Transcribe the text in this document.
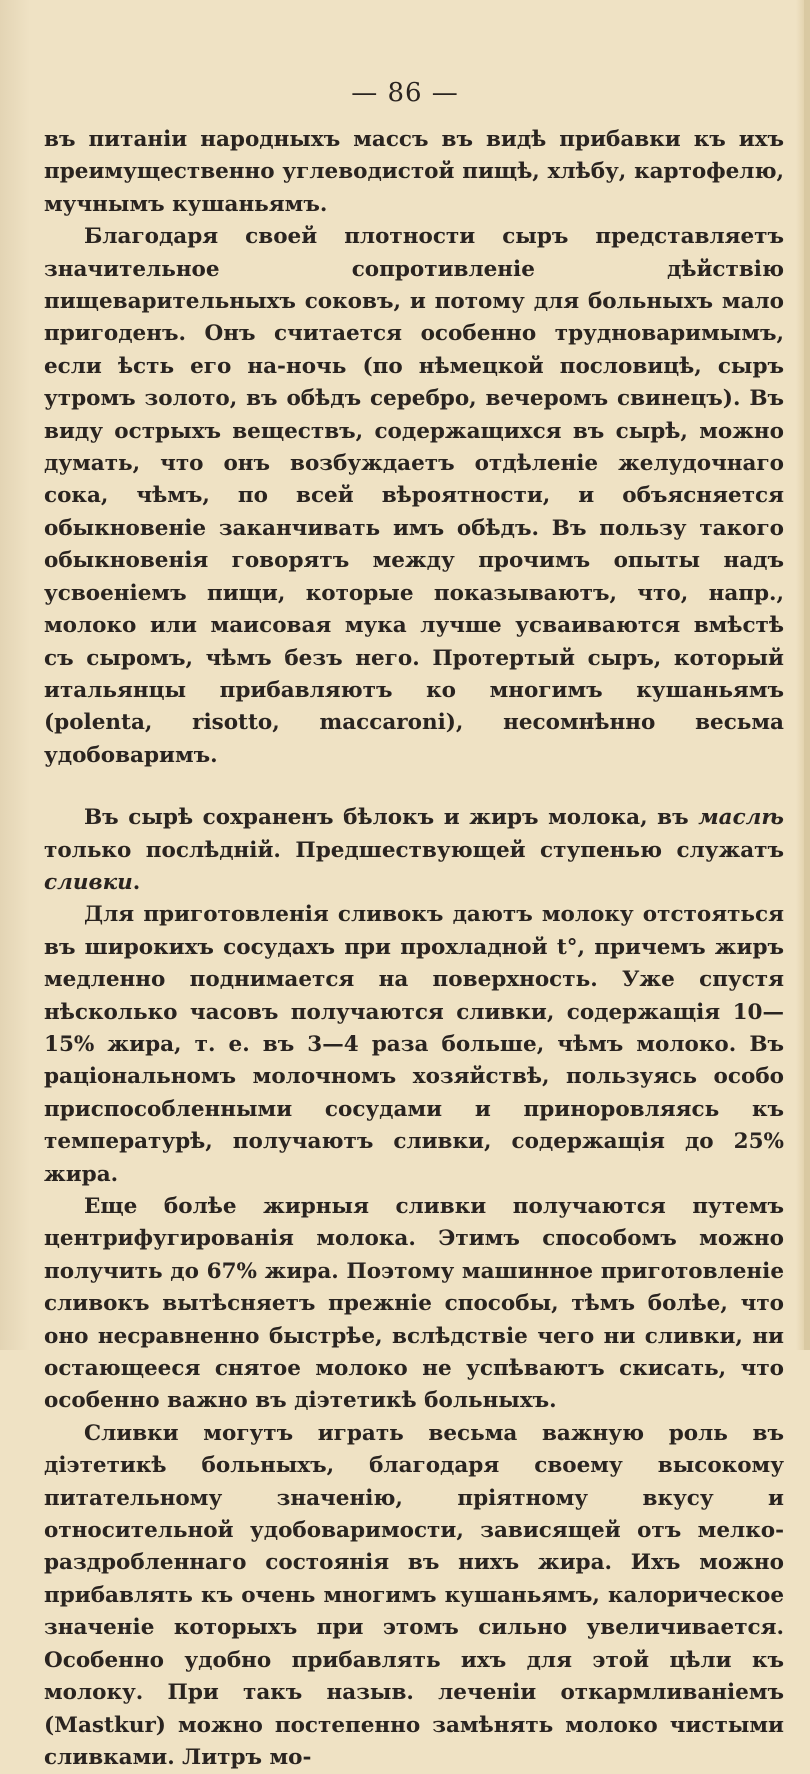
— 86 —

въ питаніи народныхъ массъ въ видѣ прибавки къ ихъ преимущественно углеводистой пищѣ, хлѣбу, картофелю, мучнымъ кушаньямъ.

Благодаря своей плотности сыръ представляетъ значительное сопротивленіе дѣйствію пищеварительныхъ соковъ, и потому для больныхъ мало пригоденъ. Онъ считается особенно трудноваримымъ, если ѣсть его на-ночь (по нѣмецкой пословицѣ, сыръ утромъ золото, въ обѣдъ серебро, вечеромъ свинецъ). Въ виду острыхъ веществъ, содержащихся въ сырѣ, можно думать, что онъ возбуждаетъ отдѣленіе желудочнаго сока, чѣмъ, по всей вѣроятности, и объясняется обыкновеніе заканчивать имъ обѣдъ. Въ пользу такого обыкновенія говорятъ между прочимъ опыты надъ усвоеніемъ пищи, которые показываютъ, что, напр., молоко или маисовая мука лучше усваиваются вмѣстѣ съ сыромъ, чѣмъ безъ него. Протертый сыръ, который итальянцы прибавляютъ ко многимъ кушаньямъ (polenta, risotto, maccaroni), несомнѣнно весьма удобоваримъ.

Въ сырѣ сохраненъ бѣлокъ и жиръ молока, въ маслѣ только послѣдній. Предшествующей ступенью служатъ сливки.

Для приготовленія сливокъ даютъ молоку отстояться въ широкихъ сосудахъ при прохладной t°, причемъ жиръ медленно поднимается на поверхность. Уже спустя нѣсколько часовъ получаются сливки, содержащія 10—15% жира, т. е. въ 3—4 раза больше, чѣмъ молоко. Въ раціональномъ молочномъ хозяйствѣ, пользуясь особо приспособленными сосудами и приноровляясь къ температурѣ, получаютъ сливки, содержащія до 25% жира.

Еще болѣе жирныя сливки получаются путемъ центрифугированія молока. Этимъ способомъ можно получить до 67% жира. Поэтому машинное приготовленіе сливокъ вытѣсняетъ прежніе способы, тѣмъ болѣе, что оно несравненно быстрѣе, вслѣдствіе чего ни сливки, ни остающееся снятое молоко не успѣваютъ скисать, что особенно важно въ діэтетикѣ больныхъ.

Сливки могутъ играть весьма важную роль въ діэтетикѣ больныхъ, благодаря своему высокому питательному значенію, пріятному вкусу и относительной удобоваримости, зависящей отъ мелко-раздробленнаго состоянія въ нихъ жира. Ихъ можно прибавлять къ очень многимъ кушаньямъ, калорическое значеніе которыхъ при этомъ сильно увеличивается. Особенно удобно прибавлять ихъ для этой цѣли къ молоку. При такъ назыв. леченіи откармливаніемъ (Mastkur) можно постепенно замѣнять молоко чистыми сливками. Литръ мо-
